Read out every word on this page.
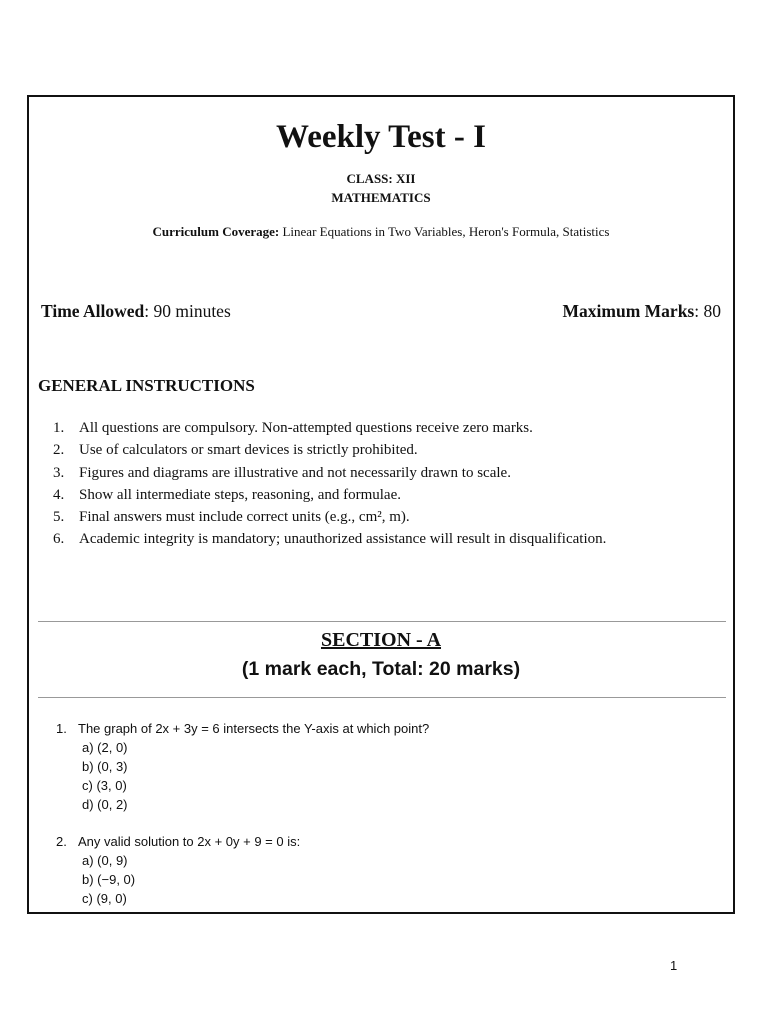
Weekly Test - I
CLASS: XII
MATHEMATICS
Curriculum Coverage: Linear Equations in Two Variables, Heron's Formula, Statistics
Time Allowed: 90 minutes	Maximum Marks: 80
GENERAL INSTRUCTIONS
1. All questions are compulsory. Non-attempted questions receive zero marks.
2. Use of calculators or smart devices is strictly prohibited.
3. Figures and diagrams are illustrative and not necessarily drawn to scale.
4. Show all intermediate steps, reasoning, and formulae.
5. Final answers must include correct units (e.g., cm², m).
6. Academic integrity is mandatory; unauthorized assistance will result in disqualification.
SECTION - A
(1 mark each, Total: 20 marks)
1. The graph of 2x + 3y = 6 intersects the Y-axis at which point?
a) (2, 0)
b) (0, 3)
c) (3, 0)
d) (0, 2)
2. Any valid solution to 2x + 0y + 9 = 0 is:
a) (0, 9)
b) (−9, 0)
c) (9, 0)
1
